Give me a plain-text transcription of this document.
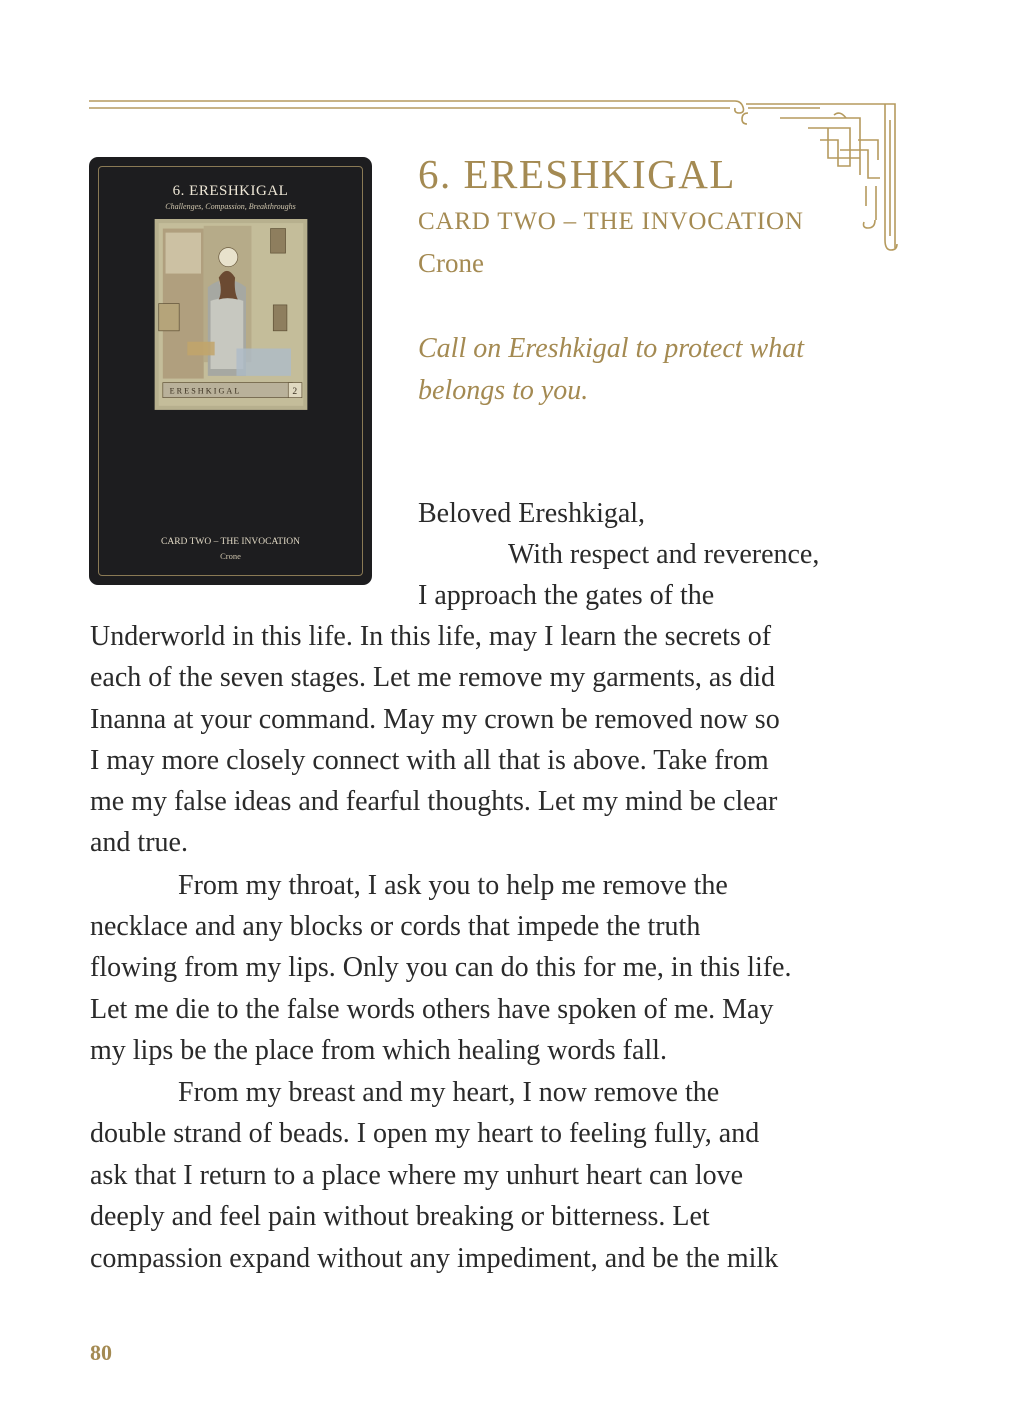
6. ERESHKIGAL
Challenges, Compassion, Breakthroughs
ERESHKIGAL	2
CARD TWO – THE INVOCATION
Crone
6. ERESHKIGAL
CARD TWO – THE INVOCATION
Crone
Call on Ereshkigal to protect what belongs to you.

Beloved Ereshkigal,

With respect and reverence,

I approach the gates of the

Underworld in this life. In this life, may I learn the secrets of

each of the seven stages. Let me remove my garments, as did

Inanna at your command. May my crown be removed now so

I may more closely connect with all that is above. Take from

me my false ideas and fearful thoughts. Let my mind be clear

and true.

From my throat, I ask you to help me remove the

necklace and any blocks or cords that impede the truth

flowing from my lips. Only you can do this for me, in this life.

Let me die to the false words others have spoken of me. May

my lips be the place from which healing words fall.

From my breast and my heart, I now remove the

double strand of beads. I open my heart to feeling fully, and

ask that I return to a place where my unhurt heart can love

deeply and feel pain without breaking or bitterness. Let

compassion expand without any impediment, and be the milk

80
